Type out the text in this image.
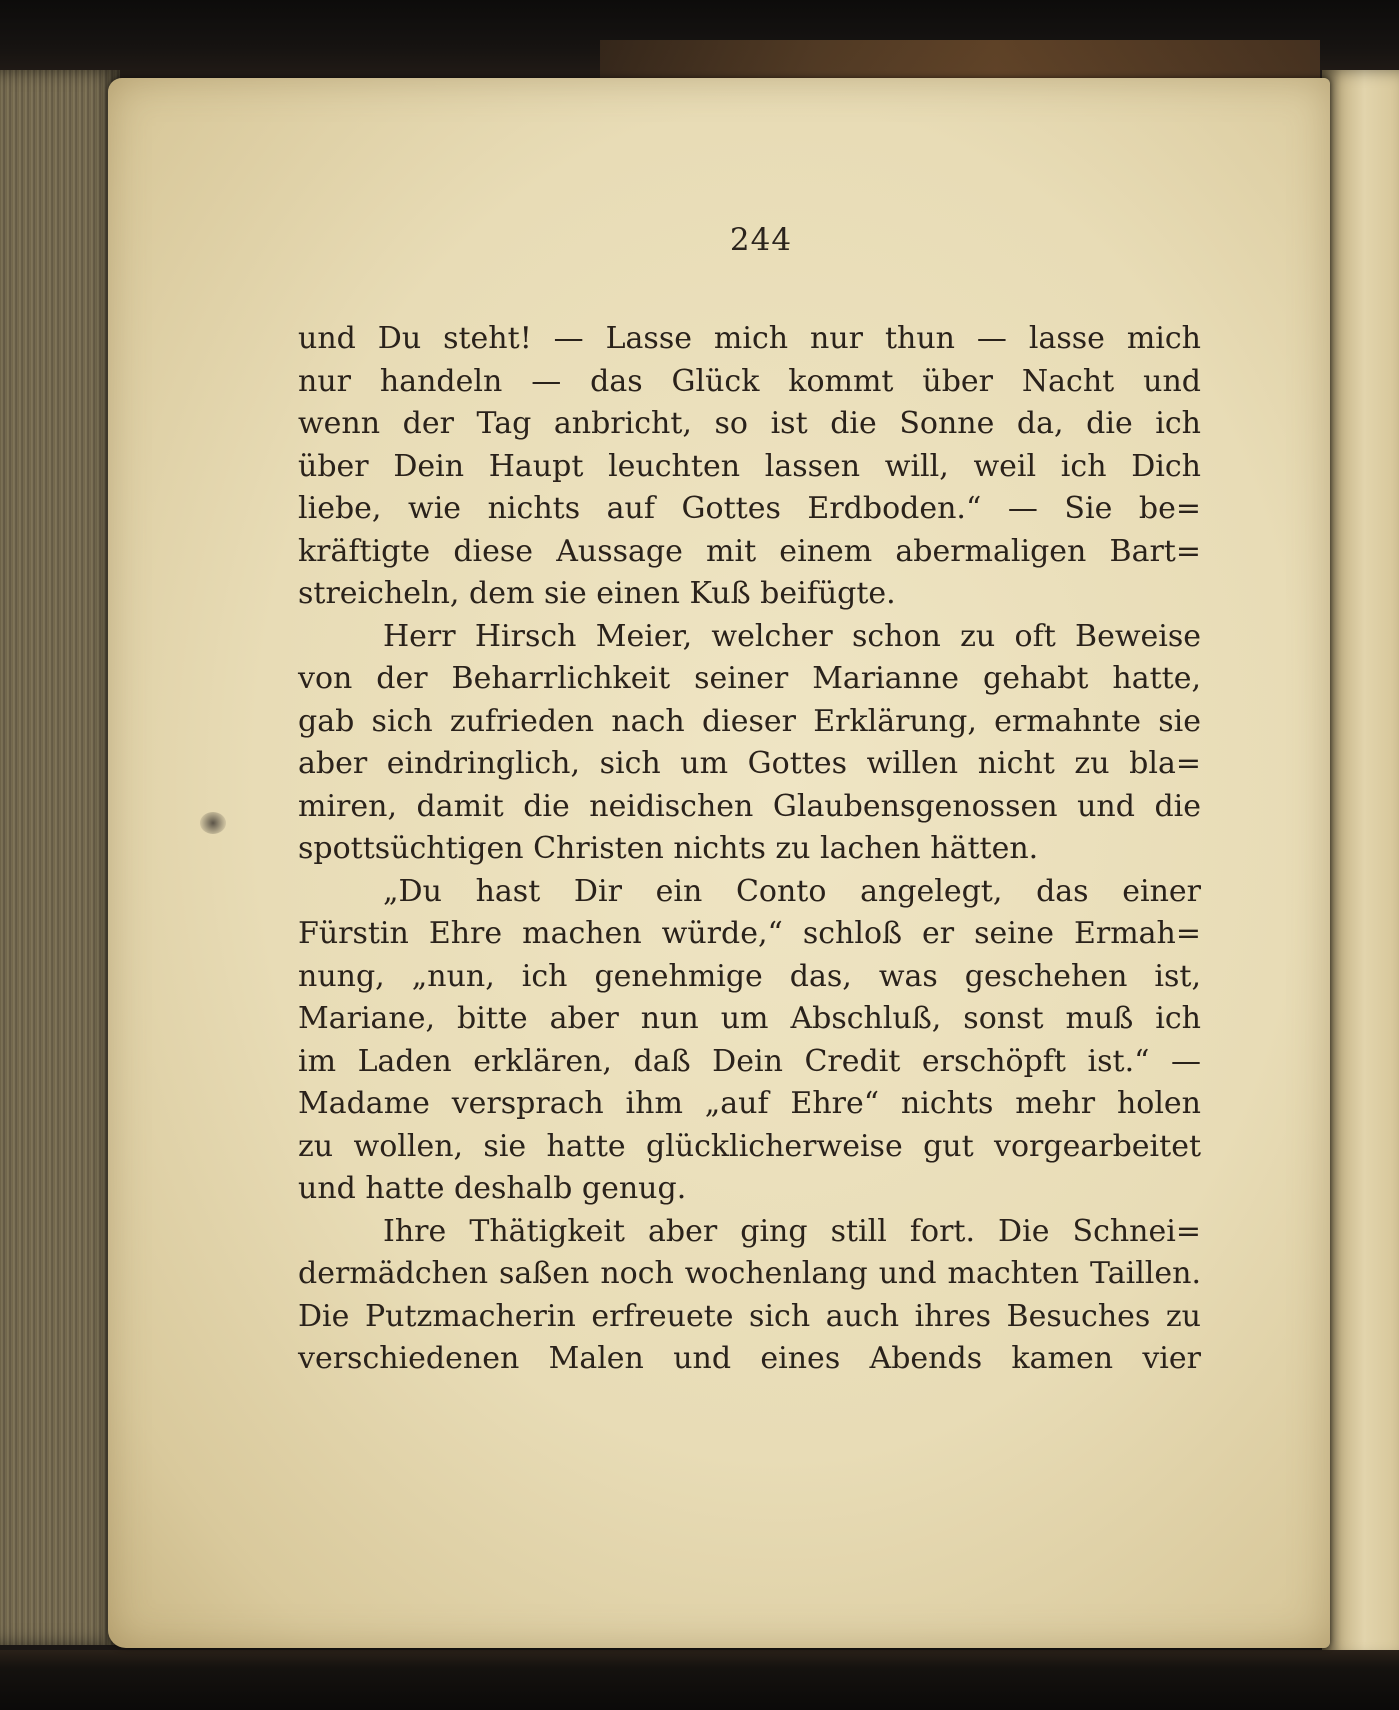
244
und Du steht! — Lasse mich nur thun — lasse mich
nur handeln — das Glück kommt über Nacht und
wenn der Tag anbricht, so ist die Sonne da, die ich
über Dein Haupt leuchten lassen will, weil ich Dich
liebe, wie nichts auf Gottes Erdboden.“ — Sie be=
kräftigte diese Aussage mit einem abermaligen Bart=
streicheln, dem sie einen Kuß beifügte.
Herr Hirsch Meier, welcher schon zu oft Beweise
von der Beharrlichkeit seiner Marianne gehabt hatte,
gab sich zufrieden nach dieser Erklärung, ermahnte sie
aber eindringlich, sich um Gottes willen nicht zu bla=
miren, damit die neidischen Glaubensgenossen und die
spottsüchtigen Christen nichts zu lachen hätten.
„Du hast Dir ein Conto angelegt, das einer
Fürstin Ehre machen würde,“ schloß er seine Ermah=
nung, „nun, ich genehmige das, was geschehen ist,
Mariane, bitte aber nun um Abschluß, sonst muß ich
im Laden erklären, daß Dein Credit erschöpft ist.“ —
Madame versprach ihm „auf Ehre“ nichts mehr holen
zu wollen, sie hatte glücklicherweise gut vorgearbeitet
und hatte deshalb genug.
Ihre Thätigkeit aber ging still fort. Die Schnei=
dermädchen saßen noch wochenlang und machten Taillen.
Die Putzmacherin erfreuete sich auch ihres Besuches zu
verschiedenen Malen und eines Abends kamen vier
